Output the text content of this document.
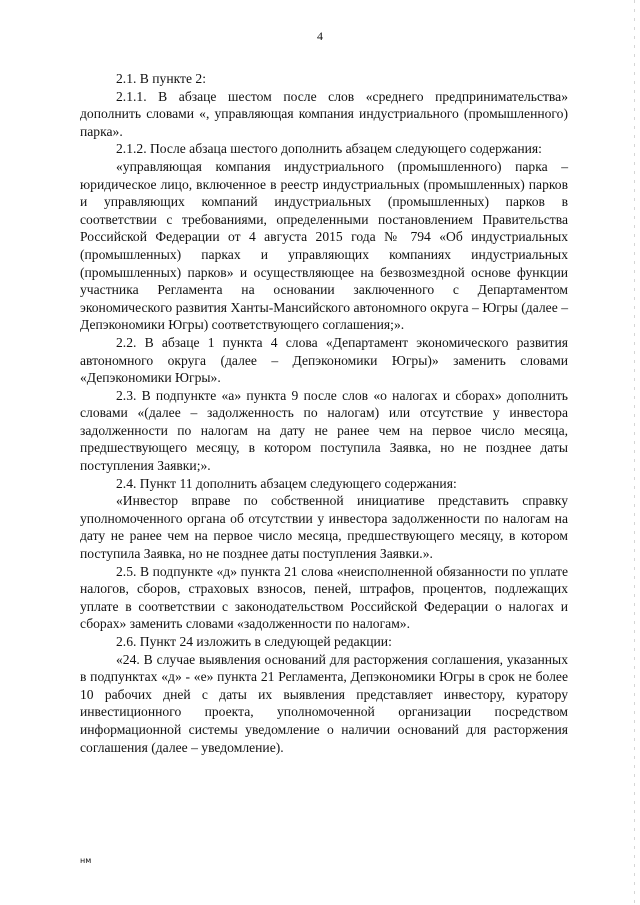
4

2.1. В пункте 2:

2.1.1. В абзаце шестом после слов «среднего предпринимательства» дополнить словами «, управляющая компания индустриального (промышленного) парка».

2.1.2. После абзаца шестого дополнить абзацем следующего содержания:

«управляющая компания индустриального (промышленного) парка – юридическое лицо, включенное в реестр индустриальных (промышленных) парков и управляющих компаний индустриальных (промышленных) парков в соответствии с требованиями, определенными постановлением Правительства Российской Федерации от 4 августа 2015 года № 794 «Об индустриальных (промышленных) парках и управляющих компаниях индустриальных (промышленных) парков» и осуществляющее на безвозмездной основе функции участника Регламента на основании заключенного с Департаментом экономического развития Ханты-Мансийского автономного округа – Югры (далее – Депэкономики Югры) соответствующего соглашения;».

2.2. В абзаце 1 пункта 4 слова «Департамент экономического развития автономного округа (далее – Депэкономики Югры)» заменить словами «Депэкономики Югры».

2.3. В подпункте «а» пункта 9 после слов «о налогах и сборах» дополнить словами «(далее – задолженность по налогам) или отсутствие у инвестора задолженности по налогам на дату не ранее чем на первое число месяца, предшествующего месяцу, в котором поступила Заявка, но не позднее даты поступления Заявки;».

2.4. Пункт 11 дополнить абзацем следующего содержания:

«Инвестор вправе по собственной инициативе представить справку уполномоченного органа об отсутствии у инвестора задолженности по налогам на дату не ранее чем на первое число месяца, предшествующего месяцу, в котором поступила Заявка, но не позднее даты поступления Заявки.».

2.5. В подпункте «д» пункта 21 слова «неисполненной обязанности по уплате налогов, сборов, страховых взносов, пеней, штрафов, процентов, подлежащих уплате в соответствии с законодательством Российской Федерации о налогах и сборах» заменить словами «задолженности по налогам».

2.6. Пункт 24 изложить в следующей редакции:

«24. В случае выявления оснований для расторжения соглашения, указанных в подпунктах «д» - «е» пункта 21 Регламента, Депэкономики Югры в срок не более 10 рабочих дней с даты их выявления представляет инвестору, куратору инвестиционного проекта, уполномоченной организации посредством информационной системы уведомление о наличии оснований для расторжения соглашения (далее – уведомление).

нм
